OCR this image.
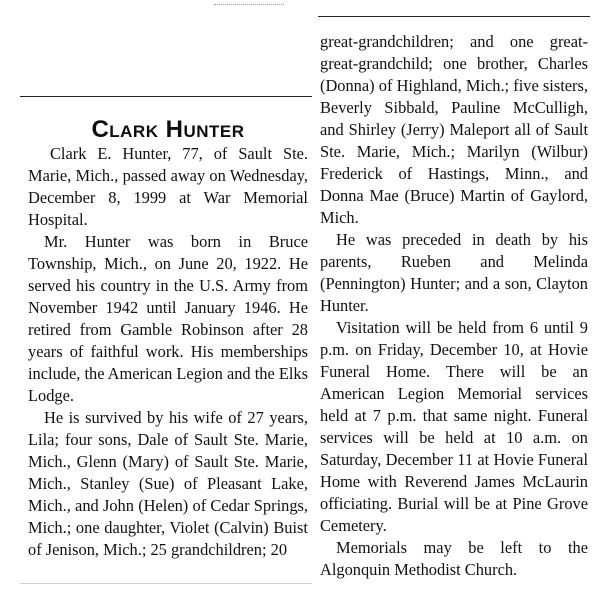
Clark Hunter

Clark E. Hunter, 77, of Sault Ste. Marie, Mich., passed away on Wednesday, December 8, 1999 at War Memorial Hospital.

Mr. Hunter was born in Bruce Township, Mich., on June 20, 1922. He served his country in the U.S. Army from November 1942 until January 1946. He retired from Gamble Robinson after 28 years of faithful work. His memberships include, the American Legion and the Elks Lodge.

He is survived by his wife of 27 years, Lila; four sons, Dale of Sault Ste. Marie, Mich., Glenn (Mary) of Sault Ste. Marie, Mich., Stanley (Sue) of Pleasant Lake, Mich., and John (Helen) of Cedar Springs, Mich.; one daughter, Violet (Calvin) Buist of Jenison, Mich.; 25 grandchildren; 20

great-grandchildren; and one great-great-grandchild; one brother, Charles (Donna) of Highland, Mich.; five sisters, Beverly Sibbald, Pauline McCulligh, and Shirley (Jerry) Maleport all of Sault Ste. Marie, Mich.; Marilyn (Wilbur) Frederick of Hastings, Minn., and Donna Mae (Bruce) Martin of Gaylord, Mich.

He was preceded in death by his parents, Rueben and Melinda (Pennington) Hunter; and a son, Clayton Hunter.

Visitation will be held from 6 until 9 p.m. on Friday, December 10, at Hovie Funeral Home. There will be an American Legion Memorial services held at 7 p.m. that same night. Funeral services will be held at 10 a.m. on Saturday, December 11 at Hovie Funeral Home with Reverend James McLaurin officiating. Burial will be at Pine Grove Cemetery.

Memorials may be left to the Algonquin Methodist Church.
